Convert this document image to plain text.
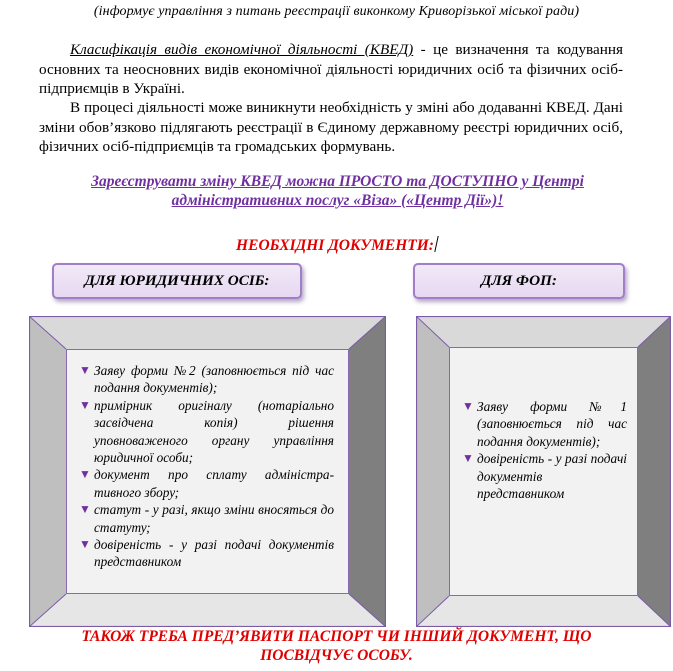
(інформує управління з питань реєстрації виконкому Криворізької міської ради)
Класифікація видів економічної діяльності (КВЕД) - це визначення та кодування основних та неосновних видів економічної діяльності юридичних осіб та фізичних осіб-підприємців в Україні.
В процесі діяльності може виникнути необхідність у зміні або додаванні КВЕД. Дані зміни обов’язково підлягають реєстрації в Єдиному державному реєстрі юридичних осіб, фізичних осіб-підприємців та громадських формувань.
Зареєструвати зміну КВЕД можна ПРОСТО та ДОСТУПНО у Центрі
адміністративних послуг «Віза» («Центр Дії»)!
НЕОБХІДНІ ДОКУМЕНТИ:
ДЛЯ ЮРИДИЧНИХ ОСІБ:	ДЛЯ ФОП:
▼ Заяву форми №2 (заповнюється під час подання документів);
▼ примірник оригіналу (нотаріально засвідчена копія) рішення уповноваженого органу управління юридичної особи;
▼ документ про сплату адміністра-тивного збору;
▼ статут - у разі, якщо зміни вносяться до статуту;
▼ довіреність - у разі подачі документів представником
▼ Заяву форми №1 (заповнюється під час подання документів);
▼ довіреність - у разі подачі документів представником
ТАКОЖ ТРЕБА ПРЕД’ЯВИТИ ПАСПОРТ ЧИ ІНШИЙ ДОКУМЕНТ, ЩО
ПОСВІДЧУЄ ОСОБУ.
